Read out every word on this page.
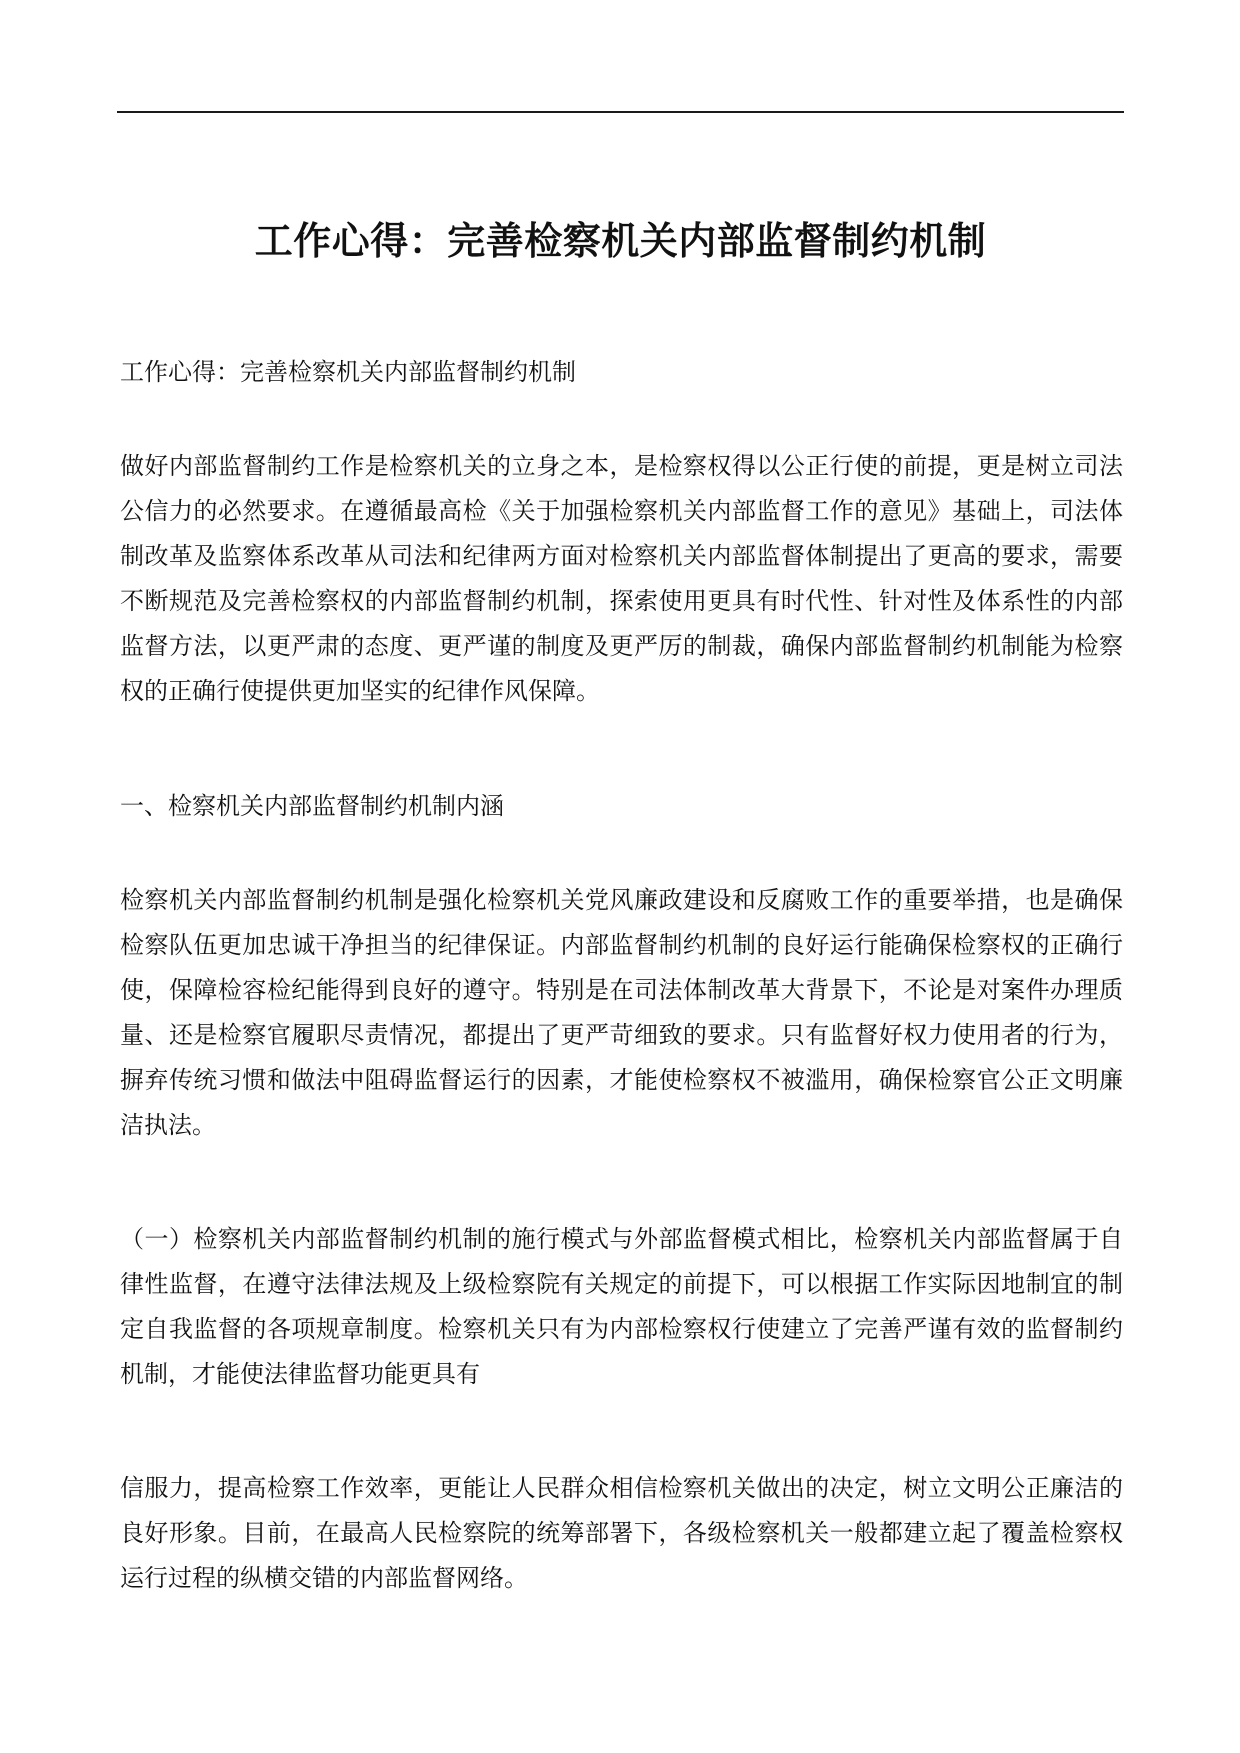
工作心得：完善检察机关内部监督制约机制

工作心得：完善检察机关内部监督制约机制

做好内部监督制约工作是检察机关的立身之本，是检察权得以公正行使的前提，更是树立司法公信力的必然要求。在遵循最高检《关于加强检察机关内部监督工作的意见》基础上，司法体制改革及监察体系改革从司法和纪律两方面对检察机关内部监督体制提出了更高的要求，需要不断规范及完善检察权的内部监督制约机制，探索使用更具有时代性、针对性及体系性的内部监督方法，以更严肃的态度、更严谨的制度及更严厉的制裁，确保内部监督制约机制能为检察权的正确行使提供更加坚实的纪律作风保障。

一、检察机关内部监督制约机制内涵

检察机关内部监督制约机制是强化检察机关党风廉政建设和反腐败工作的重要举措，也是确保检察队伍更加忠诚干净担当的纪律保证。内部监督制约机制的良好运行能确保检察权的正确行使，保障检容检纪能得到良好的遵守。特别是在司法体制改革大背景下，不论是对案件办理质量、还是检察官履职尽责情况，都提出了更严苛细致的要求。只有监督好权力使用者的行为，摒弃传统习惯和做法中阻碍监督运行的因素，才能使检察权不被滥用，确保检察官公正文明廉洁执法。

（一）检察机关内部监督制约机制的施行模式与外部监督模式相比，检察机关内部监督属于自律性监督，在遵守法律法规及上级检察院有关规定的前提下，可以根据工作实际因地制宜的制定自我监督的各项规章制度。检察机关只有为内部检察权行使建立了完善严谨有效的监督制约机制，才能使法律监督功能更具有

信服力，提高检察工作效率，更能让人民群众相信检察机关做出的决定，树立文明公正廉洁的良好形象。目前，在最高人民检察院的统筹部署下，各级检察机关一般都建立起了覆盖检察权运行过程的纵横交错的内部监督网络。
